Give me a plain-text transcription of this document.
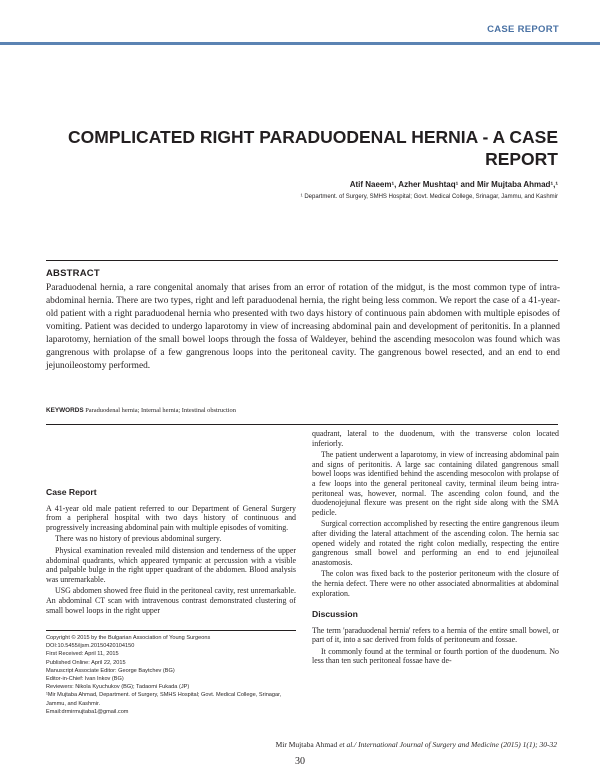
CASE REPORT
COMPLICATED RIGHT PARADUODENAL HERNIA - A CASE REPORT
Atif Naeem¹, Azher Mushtaq¹ and Mir Mujtaba Ahmad¹,¹
¹ Department. of Surgery, SMHS Hospital; Govt. Medical College, Srinagar, Jammu, and Kashmir
ABSTRACT
Paraduodenal hernia, a rare congenital anomaly that arises from an error of rotation of the midgut, is the most common type of intra-abdominal hernia. There are two types, right and left paraduodenal hernia, the right being less common. We report the case of a 41-year-old patient with a right paraduodenal hernia who presented with two days history of continuous pain abdomen with multiple episodes of vomiting. Patient was decided to undergo laparotomy in view of increasing abdominal pain and development of peritonitis. In a planned laparotomy, herniation of the small bowel loops through the fossa of Waldeyer, behind the ascending mesocolon was found which was gangrenous with prolapse of a few gangrenous loops into the peritoneal cavity. The gangrenous bowel resected, and an end to end jejunoileostomy performed.
KEYWORDS Paraduodenal hernia; Internal hernia; Intestinal obstruction
Case Report

A 41-year old male patient referred to our Department of General Surgery from a peripheral hospital with two days history of continuous and progressively increasing abdominal pain with multiple episodes of vomiting.

There was no history of previous abdominal surgery.

Physical examination revealed mild distension and tenderness of the upper abdominal quadrants, which appeared tympanic at percussion with a visible and palpable bulge in the right upper quadrant of the abdomen. Blood analysis was unremarkable.

USG abdomen showed free fluid in the peritoneal cavity, rest unremarkable. An abdominal CT scan with intravenous contrast demonstrated clustering of small bowel loops in the right upper

Copyright © 2015 by the Bulgarian Association of Young Surgeons
DOI:10.5455/ijsm.20150420104150
First Received: April 11, 2015
Published Online: April 22, 2015
Manuscript Associate Editor: George Baytchev (BG)
Editor-in-Chief: Ivan Inkov (BG)
Reviewers: Nikola Kyuchukov (BG); Tadaomi Fukada (JP)
¹Mir Mujtaba Ahmad, Department. of Surgery, SMHS Hospital; Govt. Medical College, Srinagar, Jammu, and Kashmir.
Email:drmirmujtaba1@gmail.com

quadrant, lateral to the duodenum, with the transverse colon located inferiorly.

The patient underwent a laparotomy, in view of increasing abdominal pain and signs of peritonitis. A large sac containing dilated gangrenous small bowel loops was identified behind the ascending mesocolon with prolapse of a few loops into the general peritoneal cavity, terminal ileum being intra-peritoneal was, however, normal. The ascending colon found, and the duodenojejunal flexure was present on the right side along with the SMA pedicle.

Surgical correction accomplished by resecting the entire gangrenous ileum after dividing the lateral attachment of the ascending colon. The hernia sac opened widely and rotated the right colon medially, respecting the entire gangrenous small bowel and performing an end to end jejunoileal anastomosis.

The colon was fixed back to the posterior peritoneum with the closure of the hernia defect. There were no other associated abnormalities at abdominal exploration.

Discussion

The term 'paraduodenal hernia' refers to a hernia of the entire small bowel, or part of it, into a sac derived from folds of peritoneum and fossae.

It commonly found at the terminal or fourth portion of the duodenum. No less than ten such peritoneal fossae have de-

Mir Mujtaba Ahmad et al./ International Journal of Surgery and Medicine (2015) 1(1); 30-32
30
